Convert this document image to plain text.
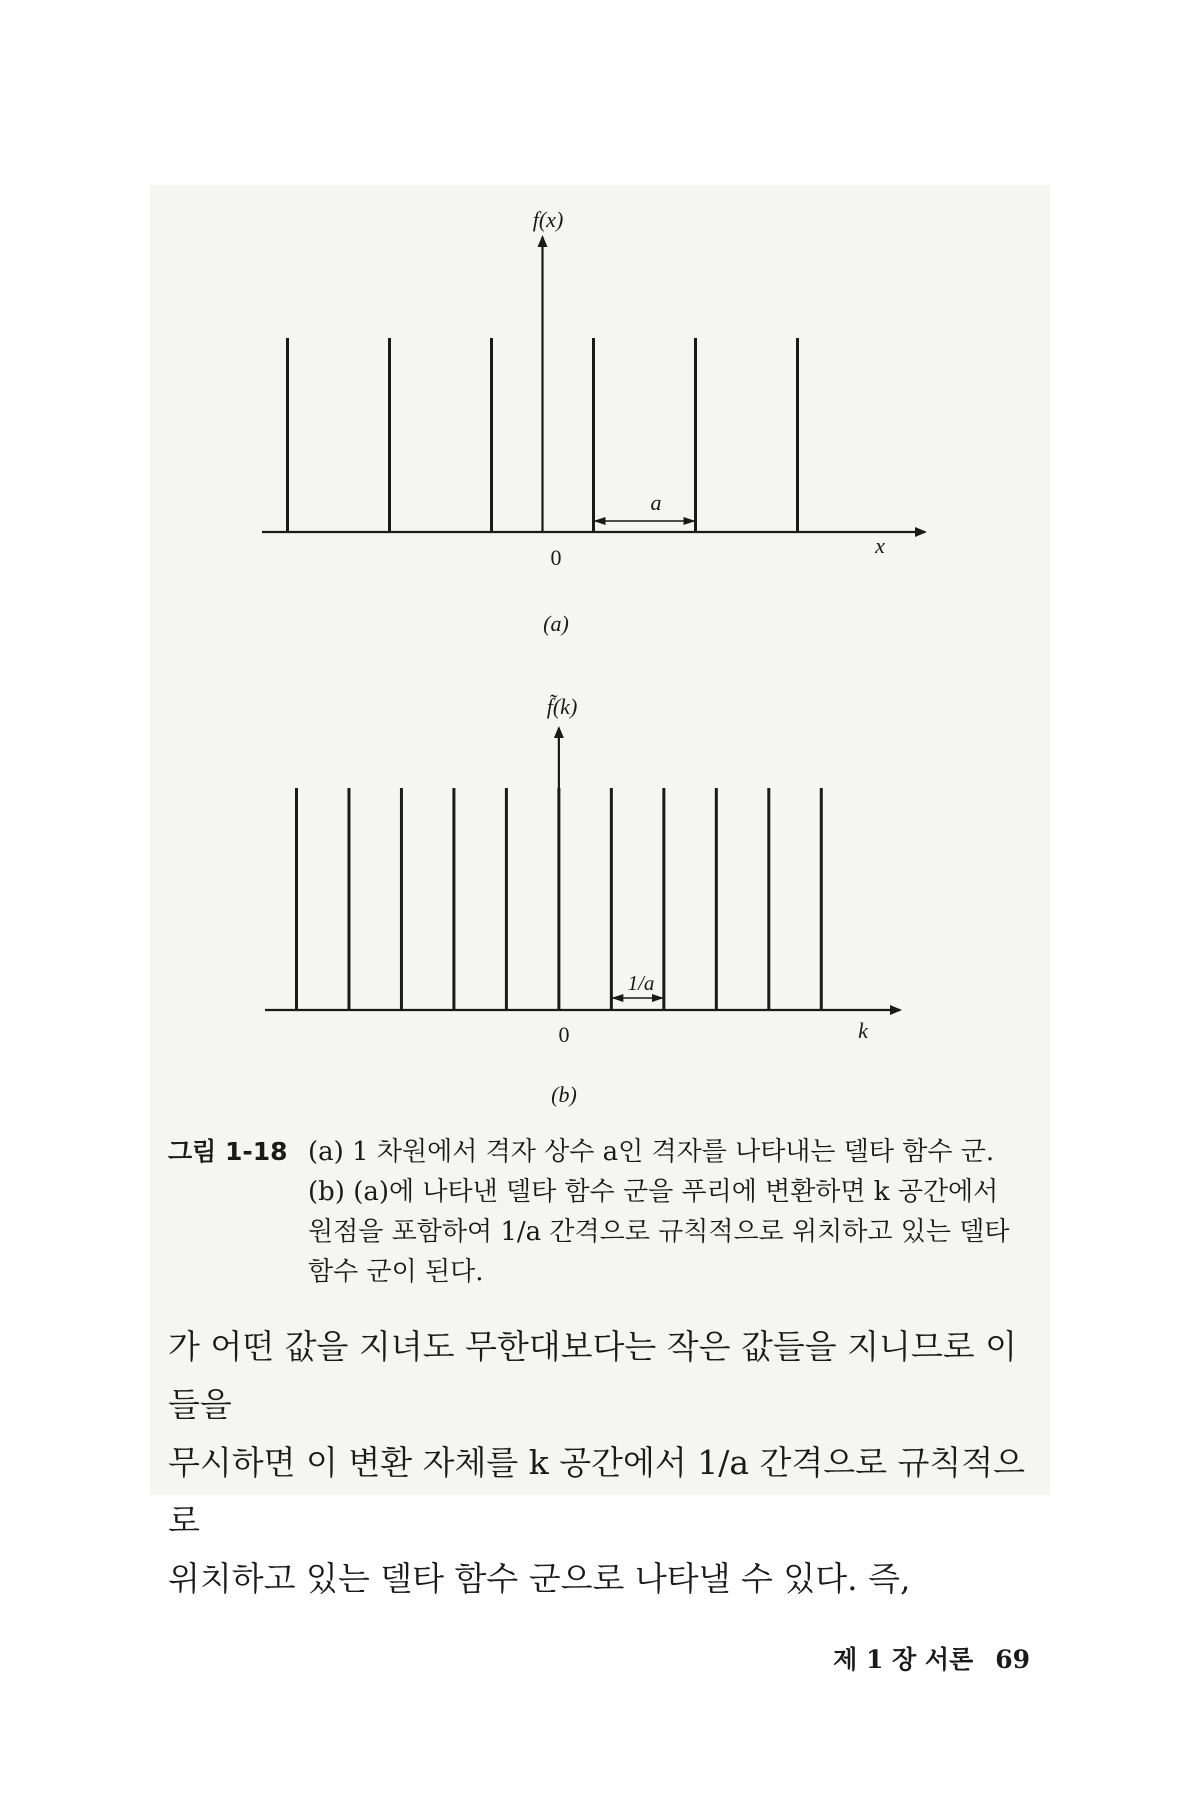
f(x)
x
0
a
(a)
f̃(k)
k
0
1/a
(b)
그림 1-18 (a) 1 차원에서 격자 상수 a인 격자를 나타내는 델타 함수 군.
(b) (a)에 나타낸 델타 함수 군을 푸리에 변환하면 k 공간에서
원점을 포함하여 1/a 간격으로 규칙적으로 위치하고 있는 델타
함수 군이 된다.
가 어떤 값을 지녀도 무한대보다는 작은 값들을 지니므로 이들을
무시하면 이 변환 자체를 k 공간에서 1/a 간격으로 규칙적으로
위치하고 있는 델타 함수 군으로 나타낼 수 있다. 즉,
제 1 장 서론 69
